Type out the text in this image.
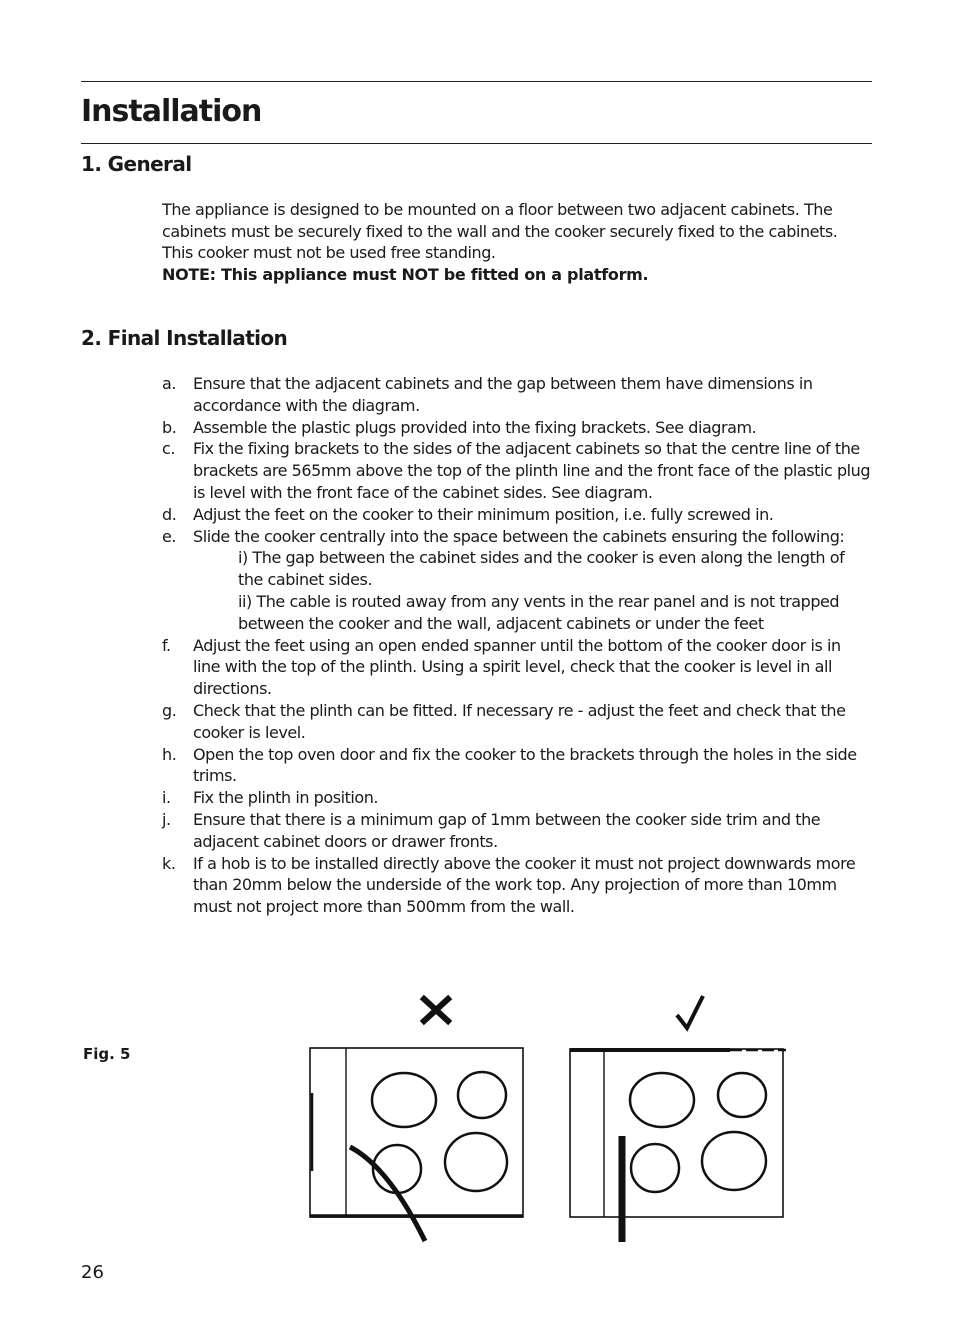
Installation
1. General

The appliance is designed to be mounted on a floor between two adjacent cabinets. The

cabinets must be securely fixed to the wall and the cooker securely fixed to the cabinets.

This cooker must not be used free standing.

NOTE: This appliance must NOT be fitted on a platform.

2. Final Installation
a. Ensure that the adjacent cabinets and the gap between them have dimensions in accordance with the diagram.
b. Assemble the plastic plugs provided into the fixing brackets. See diagram.
c. Fix the fixing brackets to the sides of the adjacent cabinets so that the centre line of the brackets are 565mm above the top of the plinth line and the front face of the plastic plug is level with the front face of the cabinet sides. See diagram.
d. Adjust the feet on the cooker to their minimum position, i.e. fully screwed in.
e. Slide the cooker centrally into the space between the cabinets ensuring the following:
i) The gap between the cabinet sides and the cooker is even along the length of the cabinet sides.
ii) The cable is routed away from any vents in the rear panel and is not trapped between the cooker and the wall, adjacent cabinets or under the feet
f. Adjust the feet using an open ended spanner until the bottom of the cooker door is in line with the top of the plinth. Using a spirit level, check that the cooker is level in all directions.
g. Check that the plinth can be fitted. If necessary re - adjust the feet and check that the cooker is level.
h. Open the top oven door and fix the cooker to the brackets through the holes in the side trims.
i. Fix the plinth in position.
j. Ensure that there is a minimum gap of 1mm between the cooker side trim and the adjacent cabinet doors or drawer fronts.
k. If a hob is to be installed directly above the cooker it must not project downwards more than 20mm below the underside of the work top. Any projection of more than 10mm must not project more than 500mm from the wall.
Fig. 5
26
